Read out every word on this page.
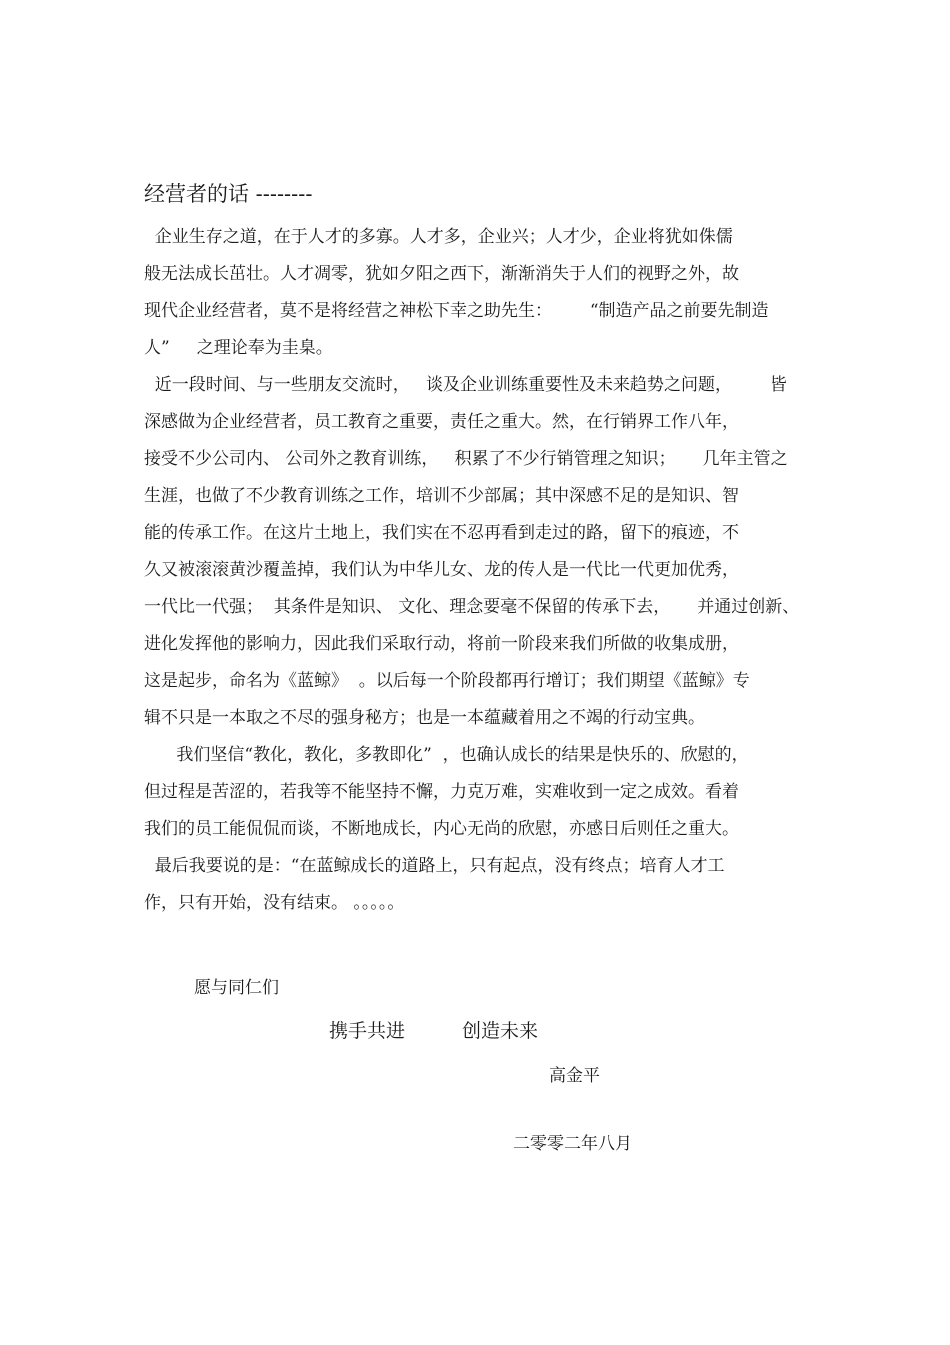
经营者的话 --------
企业生存之道，在于人才的多寡。人才多，企业兴；人才少，企业将犹如侏儒
般无法成长茁壮。人才凋零，犹如夕阳之西下，渐渐消失于人们的视野之外，故
现代企业经营者，莫不是将经营之神松下幸之助先生：       “制造产品之前要先制造
人”     之理论奉为圭臬。
近一段时间、与一些朋友交流时，   谈及企业训练重要性及未来趋势之问题，       皆
深感做为企业经营者，员工教育之重要，责任之重大。然，在行销界工作八年，
接受不少公司内、 公司外之教育训练，   积累了不少行销管理之知识；     几年主管之
生涯，也做了不少教育训练之工作，培训不少部属；其中深感不足的是知识、智
能的传承工作。在这片土地上，我们实在不忍再看到走过的路，留下的痕迹，不
久又被滚滚黄沙覆盖掉，我们认为中华儿女、龙的传人是一代比一代更加优秀，
一代比一代强；  其条件是知识、 文化、理念要毫不保留的传承下去，     并通过创新、
进化发挥他的影响力，因此我们采取行动，将前一阶段来我们所做的收集成册，
这是起步，命名为《蓝鲸》  。以后每一个阶段都再行增订；我们期望《蓝鲸》专
辑不只是一本取之不尽的强身秘方；也是一本蕴藏着用之不竭的行动宝典。
我们坚信“教化，教化，多教即化”  ，也确认成长的结果是快乐的、欣慰的，
但过程是苦涩的，若我等不能坚持不懈，力克万难，实难收到一定之成效。看着
我们的员工能侃侃而谈，不断地成长，内心无尚的欣慰，亦感日后则任之重大。
最后我要说的是：“在蓝鲸成长的道路上，只有起点，没有终点；培育人才工
作，只有开始，没有结束。 。。。。。
愿与同仁们
携手共进	创造未来
高金平
二零零二年八月
